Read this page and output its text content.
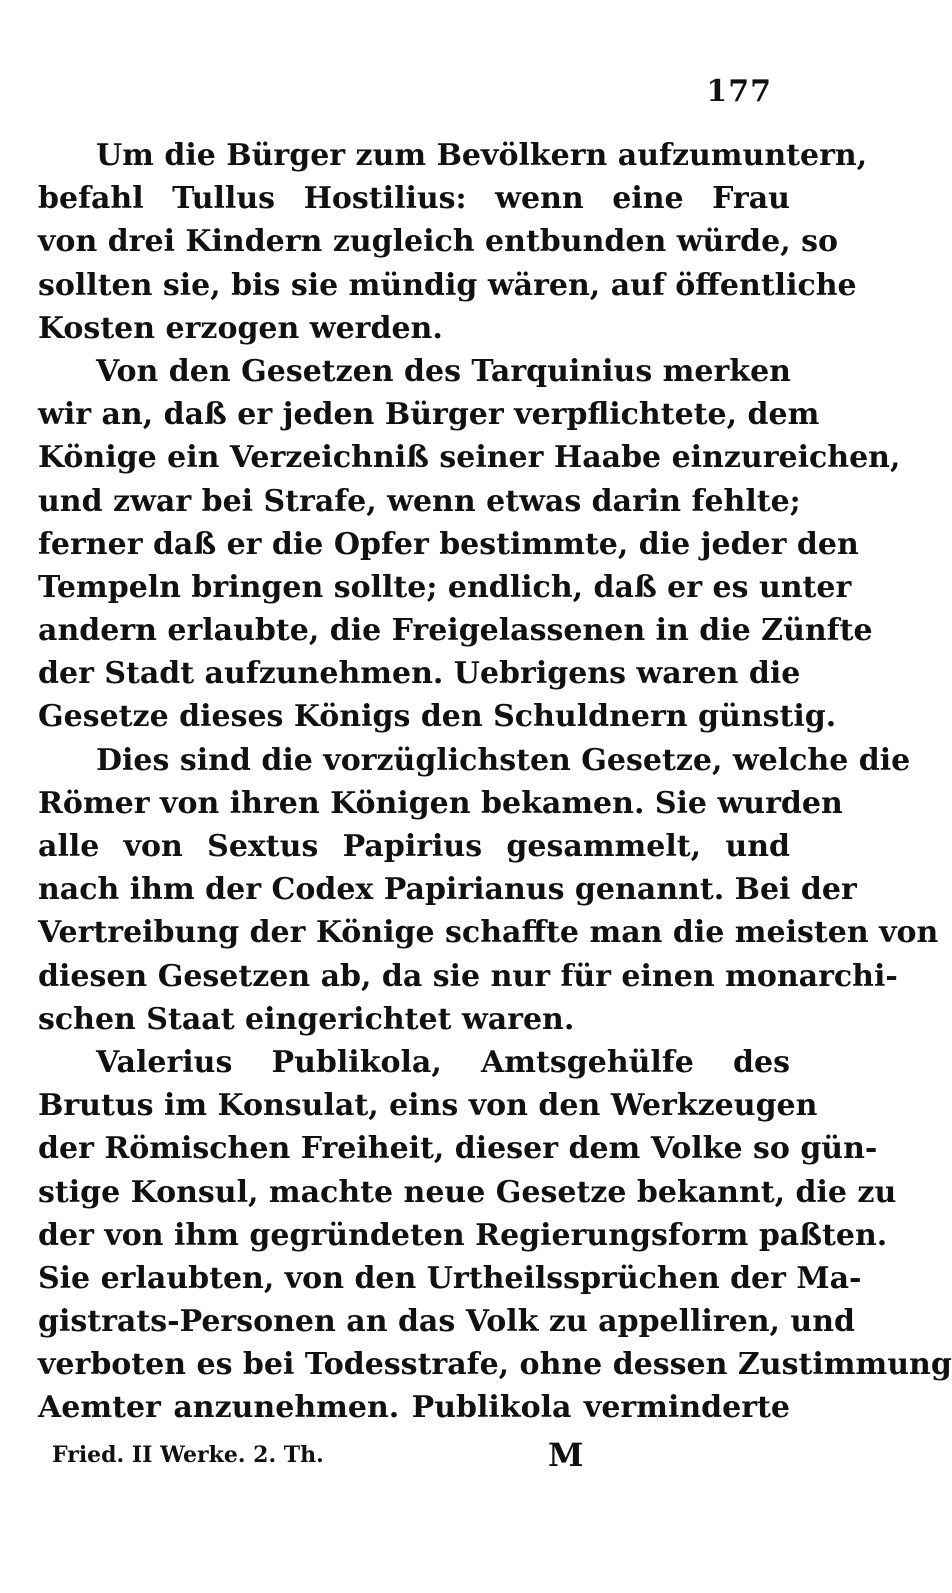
177
Um die Bürger zum Bevölkern aufzumuntern,
befahl Tullus Hostilius: wenn eine Frau
von drei Kindern zugleich entbunden würde, so
sollten sie, bis sie mündig wären, auf öffentliche
Kosten erzogen werden.
Von den Gesetzen des Tarquinius merken
wir an, daß er jeden Bürger verpflichtete, dem
Könige ein Verzeichniß seiner Haabe einzureichen,
und zwar bei Strafe, wenn etwas darin fehlte;
ferner daß er die Opfer bestimmte, die jeder den
Tempeln bringen sollte; endlich, daß er es unter
andern erlaubte, die Freigelassenen in die Zünfte
der Stadt aufzunehmen. Uebrigens waren die
Gesetze dieses Königs den Schuldnern günstig.
Dies sind die vorzüglichsten Gesetze, welche die
Römer von ihren Königen bekamen. Sie wurden
alle von Sextus Papirius gesammelt, und
nach ihm der Codex Papirianus genannt. Bei der
Vertreibung der Könige schaffte man die meisten von
diesen Gesetzen ab, da sie nur für einen monarchi-
schen Staat eingerichtet waren.
Valerius Publikola, Amtsgehülfe des
Brutus im Konsulat, eins von den Werkzeugen
der Römischen Freiheit, dieser dem Volke so gün-
stige Konsul, machte neue Gesetze bekannt, die zu
der von ihm gegründeten Regierungsform paßten.
Sie erlaubten, von den Urtheilssprüchen der Ma-
gistrats-Personen an das Volk zu appelliren, und
verboten es bei Todesstrafe, ohne dessen Zustimmung
Aemter anzunehmen. Publikola verminderte
Fried. II Werke. 2. Th.	M
